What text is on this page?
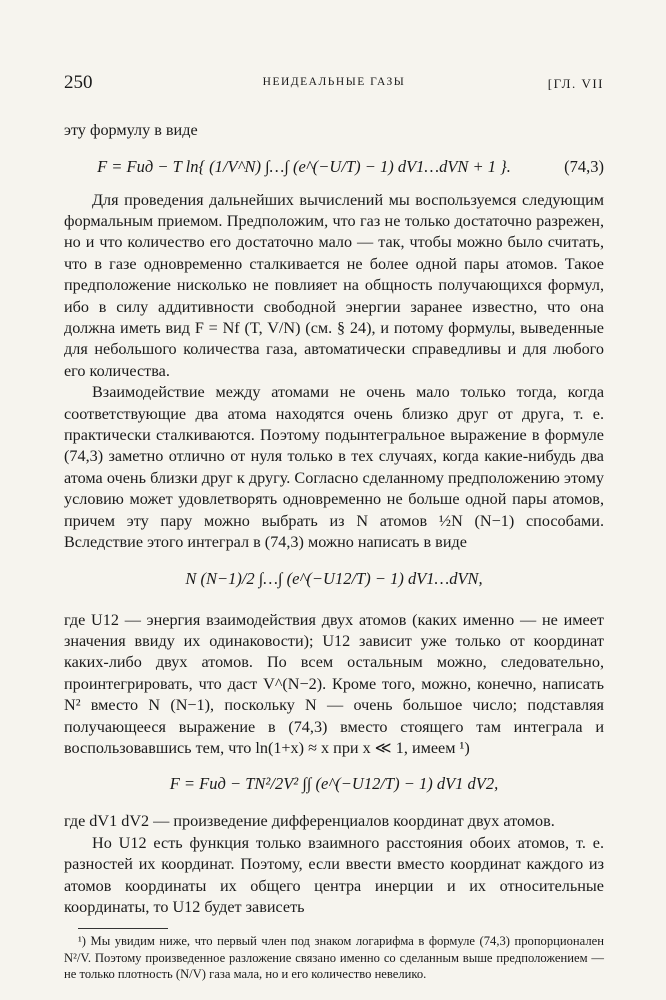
250	НЕИДЕАЛЬНЫЕ ГАЗЫ	[ГЛ. VII

эту формулу в виде

F = Fид − T ln{ (1/V^N) ∫…∫ (e^(−U/T) − 1) dV1…dVN + 1 }.	(74,3)

Для проведения дальнейших вычислений мы воспользуемся следующим формальным приемом. Предположим, что газ не только достаточно разрежен, но и что количество его достаточно мало — так, чтобы можно было считать, что в газе одновременно сталкивается не более одной пары атомов. Такое предположение нисколько не повлияет на общность получающихся формул, ибо в силу аддитивности свободной энергии заранее известно, что она должна иметь вид F = Nf (T, V/N) (см. § 24), и потому формулы, выведенные для небольшого количества газа, автоматически справедливы и для любого его количества.

Взаимодействие между атомами не очень мало только тогда, когда соответствующие два атома находятся очень близко друг от друга, т. е. практически сталкиваются. Поэтому подынтегральное выражение в формуле (74,3) заметно отлично от нуля только в тех случаях, когда какие-нибудь два атома очень близки друг к другу. Согласно сделанному предположению этому условию может удовлетворять одновременно не больше одной пары атомов, причем эту пару можно выбрать из N атомов ½N (N−1) способами. Вследствие этого интеграл в (74,3) можно написать в виде

N (N−1)/2 ∫…∫ (e^(−U12/T) − 1) dV1…dVN,

где U12 — энергия взаимодействия двух атомов (каких именно — не имеет значения ввиду их одинаковости); U12 зависит уже только от координат каких-либо двух атомов. По всем остальным можно, следовательно, проинтегрировать, что даст V^(N−2). Кроме того, можно, конечно, написать N² вместо N (N−1), поскольку N — очень большое число; подставляя получающееся выражение в (74,3) вместо стоящего там интеграла и воспользовавшись тем, что ln(1+x) ≈ x при x ≪ 1, имеем ¹)

F = Fид − TN²/2V² ∫∫ (e^(−U12/T) − 1) dV1 dV2,

где dV1 dV2 — произведение дифференциалов координат двух атомов.

Но U12 есть функция только взаимного расстояния обоих атомов, т. е. разностей их координат. Поэтому, если ввести вместо координат каждого из атомов координаты их общего центра инерции и их относительные координаты, то U12 будет зависеть

¹) Мы увидим ниже, что первый член под знаком логарифма в формуле (74,3) пропорционален N²/V. Поэтому произведенное разложение связано именно со сделанным выше предположением — не только плотность (N/V) газа мала, но и его количество невелико.
